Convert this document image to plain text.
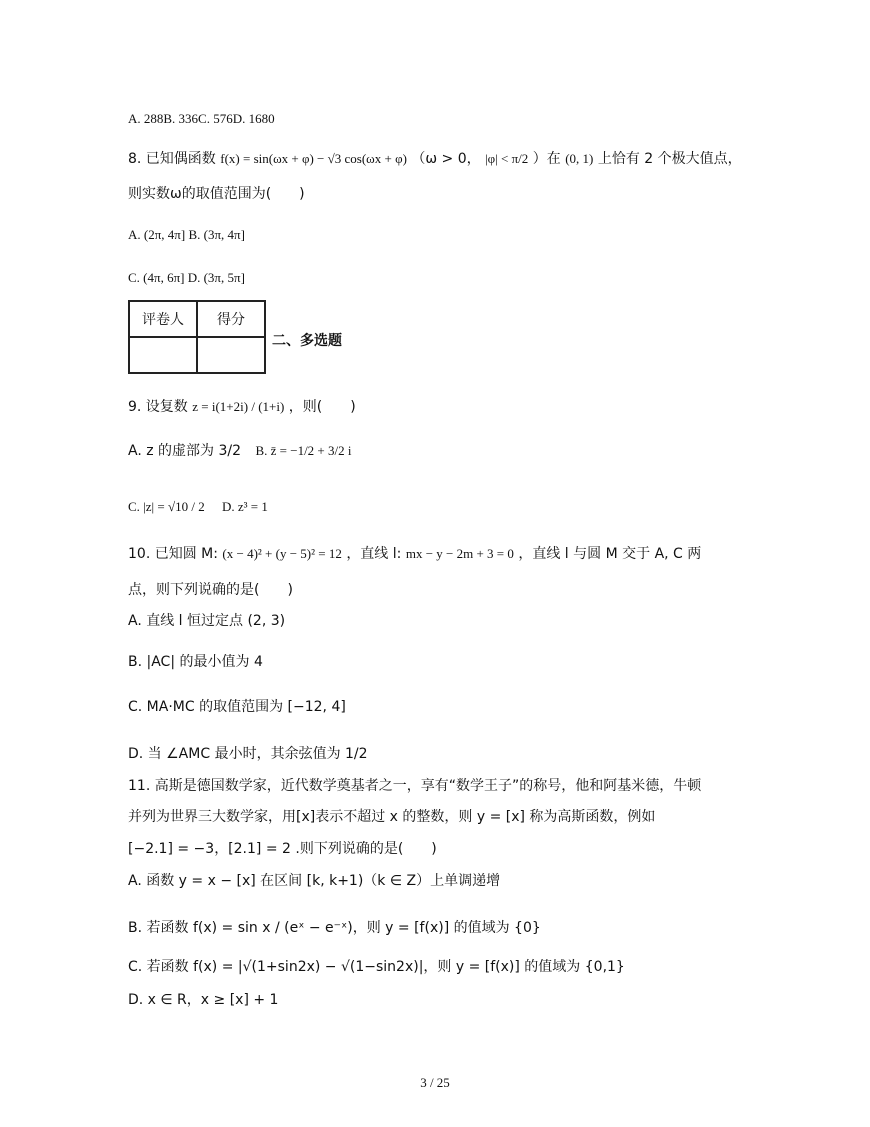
A. 288B. 336C. 576D. 1680
8. 已知偶函数 f(x) = sin(ωx + φ) − √3 cos(ωx + φ) （ω > 0， |φ| < π/2 ）在 (0, 1) 上恰有 2 个极大值点，
则实数ω的取值范围为(　　)
A. (2π, 4π] B. (3π, 4π]
C. (4π, 6π] D. (3π, 5π]
评卷人	得分

二、多选题
9. 设复数 z = i(1+2i) / (1+i) ，则(　　)
A. z 的虚部为 3/2 B. z̄ = −1/2 + 3/2 i
C. |z| = √10 / 2 D. z³ = 1
10. 已知圆 M: (x − 4)² + (y − 5)² = 12 ，直线 l: mx − y − 2m + 3 = 0 ，直线 l 与圆 M 交于 A, C 两
点，则下列说确的是(　　)
A. 直线 l 恒过定点 (2, 3)
B. |AC| 的最小值为 4
C. MA·MC 的取值范围为 [−12, 4]
D. 当 ∠AMC 最小时，其余弦值为 1/2
11. 高斯是德国数学家，近代数学奠基者之一，享有“数学王子”的称号，他和阿基米德，牛顿
并列为世界三大数学家，用[x]表示不超过 x 的整数，则 y = [x] 称为高斯函数，例如
[−2.1] = −3，[2.1] = 2 .则下列说确的是(　　)
A. 函数 y = x − [x] 在区间 [k, k+1)（k ∈ Z）上单调递增
B. 若函数 f(x) = sin x / (eˣ − e⁻ˣ)，则 y = [f(x)] 的值域为 {0}
C. 若函数 f(x) = |√(1+sin2x) − √(1−sin2x)|，则 y = [f(x)] 的值域为 {0,1}
D. x ∈ R，x ≥ [x] + 1
3 / 25
